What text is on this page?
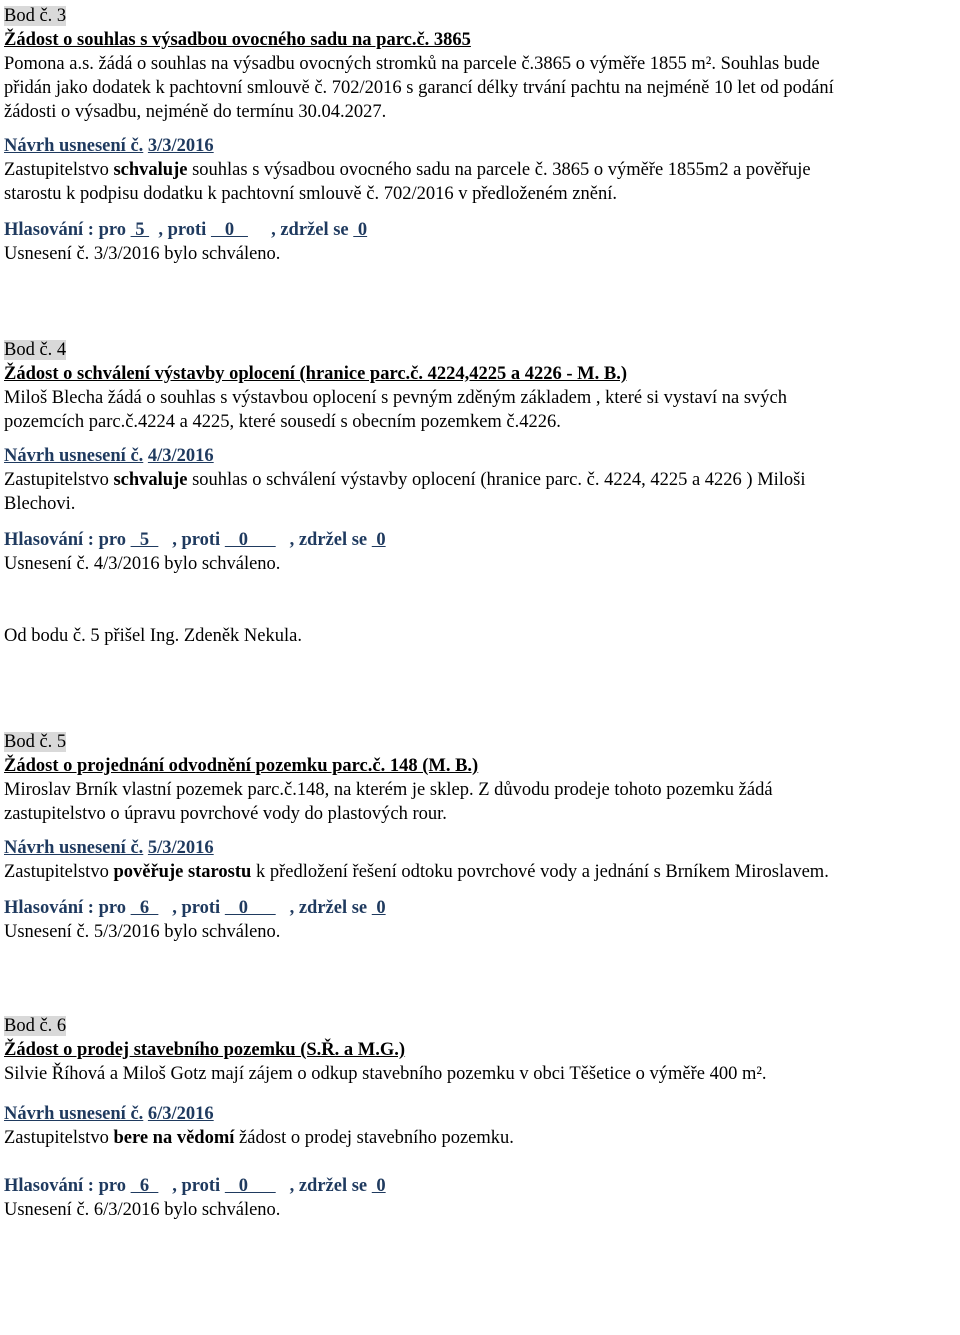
Bod č. 3
Žádost o souhlas s výsadbou ovocného sadu na parc.č. 3865
Pomona a.s. žádá o souhlas na výsadbu ovocných stromků na parcele č.3865 o výměře 1855 m². Souhlas bude
přidán jako dodatek k pachtovní smlouvě č. 702/2016 s garancí délky trvání pachtu na nejméně 10 let od podání
žádosti o výsadbu, nejméně do termínu 30.04.2027.
Návrh usnesení č. 3/3/2016
Zastupitelstvo schvaluje souhlas s výsadbou ovocného sadu na parcele č. 3865 o výměře 1855m2 a pověřuje
starostu k podpisu dodatku k pachtovní smlouvě č. 702/2016 v předloženém znění.
Hlasování : pro  5   , proti    0        , zdržel se  0
Usnesení č. 3/3/2016 bylo schváleno.
Bod č. 4
Žádost o schválení výstavby oplocení (hranice parc.č. 4224,4225 a 4226 - M. B.)
Miloš Blecha žádá o souhlas s výstavbou oplocení s pevným zděným základem , které si vystaví na svých
pozemcích parc.č.4224 a 4225, které sousedí s obecním pozemkem č.4226.
Návrh usnesení č. 4/3/2016
Zastupitelstvo schvaluje souhlas o schválení výstavby oplocení (hranice parc. č. 4224, 4225 a 4226 ) Miloši
Blechovi.
Hlasování : pro   5     , proti    0         , zdržel se  0
Usnesení č. 4/3/2016 bylo schváleno.
Od bodu č. 5 přišel Ing. Zdeněk Nekula.
Bod č. 5
Žádost o projednání odvodnění pozemku parc.č. 148 (M. B.)
Miroslav Brník vlastní pozemek parc.č.148, na kterém je sklep. Z důvodu prodeje tohoto pozemku žádá
zastupitelstvo o úpravu povrchové vody do plastových rour.
Návrh usnesení č. 5/3/2016
Zastupitelstvo pověřuje starostu k předložení řešení odtoku povrchové vody a jednání s Brníkem Miroslavem.
Hlasování : pro   6     , proti    0         , zdržel se  0
Usnesení č. 5/3/2016 bylo schváleno.
Bod č. 6
Žádost o prodej stavebního pozemku (S.Ř. a M.G.)
Silvie Říhová a Miloš Gotz mají zájem o odkup stavebního pozemku v obci Těšetice o výměře 400 m².
Návrh usnesení č. 6/3/2016
Zastupitelstvo bere na vědomí žádost o prodej stavebního pozemku.
Hlasování : pro   6     , proti    0         , zdržel se  0
Usnesení č. 6/3/2016 bylo schváleno.
